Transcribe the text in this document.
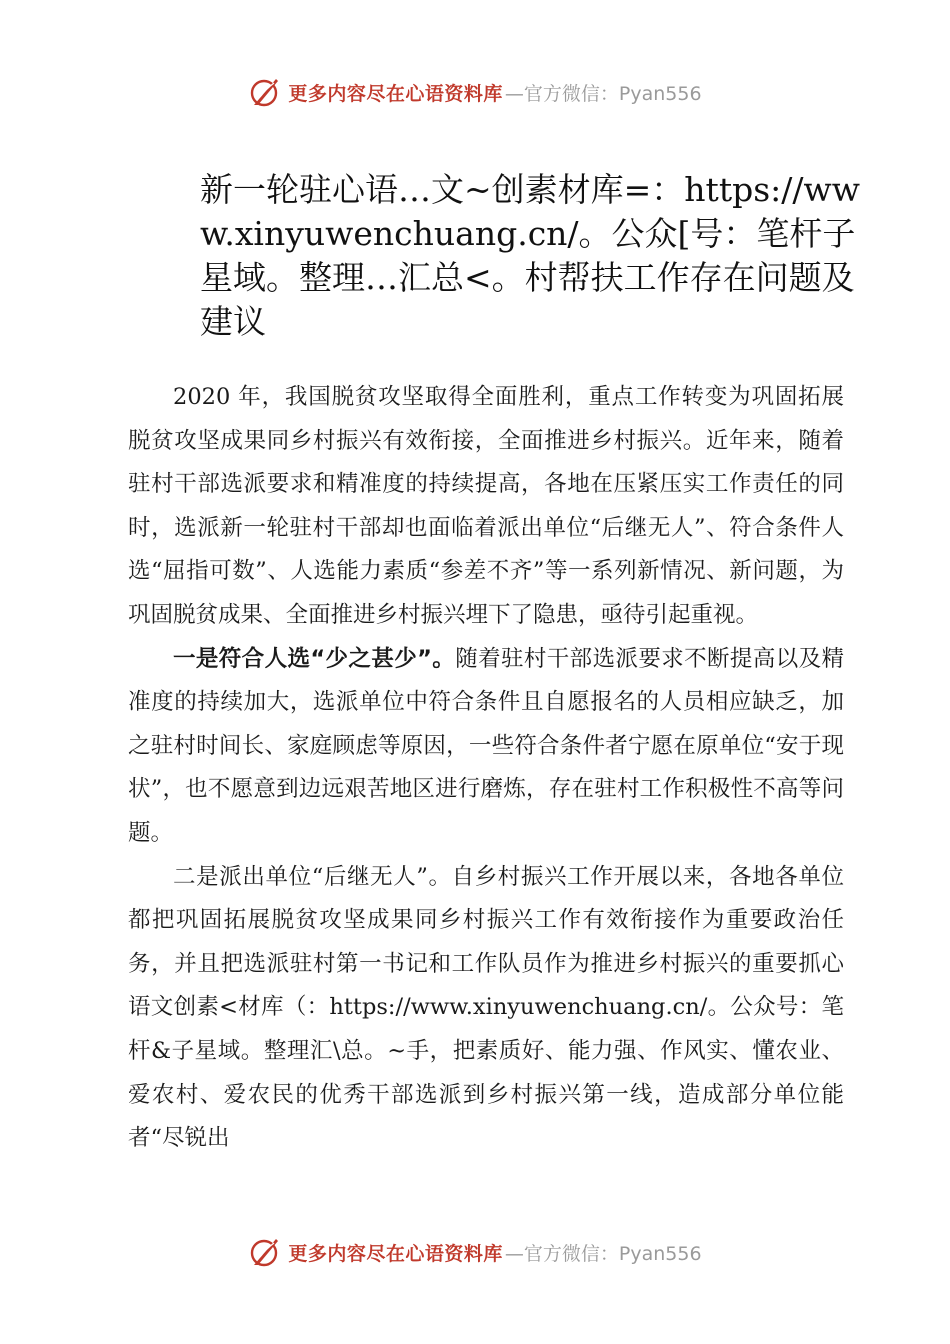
更多内容尽在心语资料库 —官方微信：Pyan556
新一轮驻心语…文~创素材库=：https://www.xinyuwenchuang.cn/。公众[号：笔杆子星域。整理…汇总<。村帮扶工作存在问题及建议

2020 年，我国脱贫攻坚取得全面胜利，重点工作转变为巩固拓展脱贫攻坚成果同乡村振兴有效衔接，全面推进乡村振兴。近年来，随着驻村干部选派要求和精准度的持续提高，各地在压紧压实工作责任的同时，选派新一轮驻村干部却也面临着派出单位“后继无人”、符合条件人选“屈指可数”、人选能力素质“参差不齐”等一系列新情况、新问题，为巩固脱贫成果、全面推进乡村振兴埋下了隐患，亟待引起重视。

一是符合人选“少之甚少”。随着驻村干部选派要求不断提高以及精准度的持续加大，选派单位中符合条件且自愿报名的人员相应缺乏，加之驻村时间长、家庭顾虑等原因，一些符合条件者宁愿在原单位“安于现状”，也不愿意到边远艰苦地区进行磨炼，存在驻村工作积极性不高等问题。

二是派出单位“后继无人”。自乡村振兴工作开展以来，各地各单位都把巩固拓展脱贫攻坚成果同乡村振兴工作有效衔接作为重要政治任务，并且把选派驻村第一书记和工作队员作为推进乡村振兴的重要抓心语文创素<材库（：https://www.xinyuwenchuang.cn/。公众号：笔杆&子星域。整理汇\总。~手，把素质好、能力强、作风实、懂农业、爱农村、爱农民的优秀干部选派到乡村振兴第一线，造成部分单位能者“尽锐出

更多内容尽在心语资料库 —官方微信：Pyan556
